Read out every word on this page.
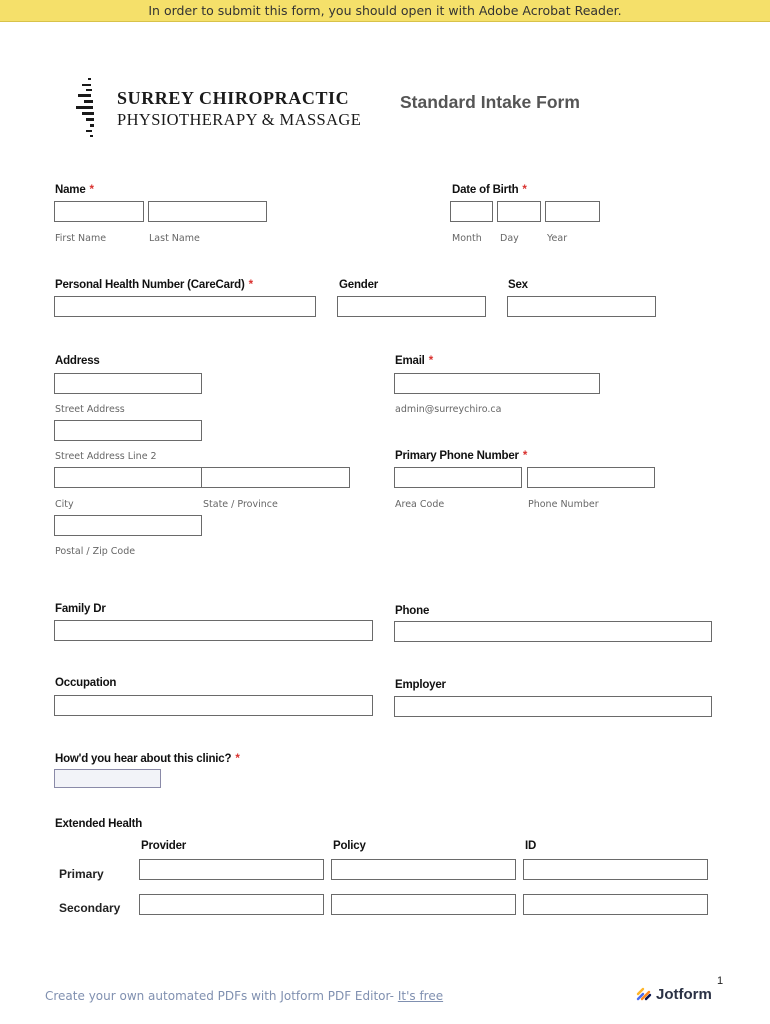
In order to submit this form, you should open it with Adobe Acrobat Reader.
SURREY CHIROPRACTIC
PHYSIOTHERAPY & MASSAGE
Standard Intake Form
Name *
First Name	Last Name
Date of Birth *
Month Day	Year
Personal Health Number (CareCard) *	Gender	Sex
Address
Street Address
Street Address Line 2
City	State / Province
Postal / Zip Code
Email *
admin@surreychiro.ca
Primary Phone Number *
Area Code	Phone Number
Family Dr	Phone
Occupation	Employer
How'd you hear about this clinic? *
Extended Health
Provider	Policy	ID
Primary
Secondary
1
Create your own automated PDFs with Jotform PDF Editor- It's free	Jotform
